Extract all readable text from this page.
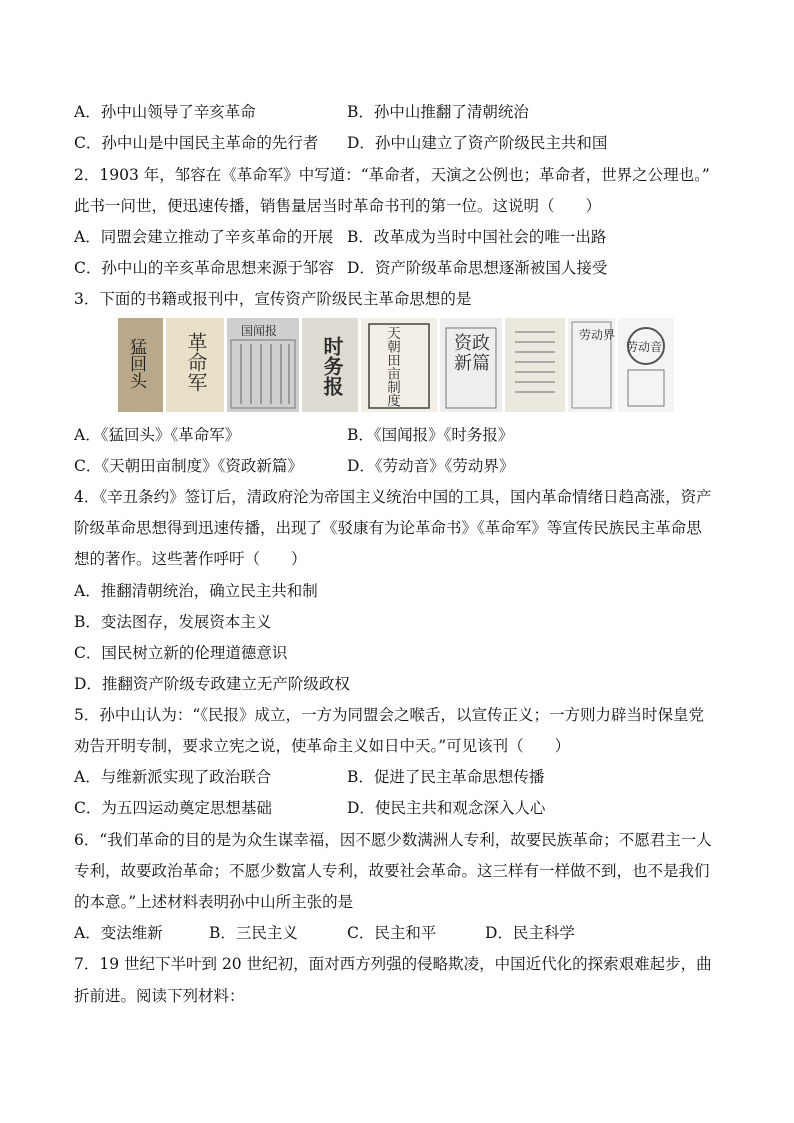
A．孙中山领导了辛亥革命	B．孙中山推翻了清朝统治
C．孙中山是中国民主革命的先行者 D．孙中山建立了资产阶级民主共和国
2．1903 年，邹容在《革命军》中写道：“革命者，天演之公例也；革命者，世界之公理也。”
此书一问世，便迅速传播，销售量居当时革命书刊的第一位。这说明（　　）
A．同盟会建立推动了辛亥革命的开展 B．改革成为当时中国社会的唯一出路
C．孙中山的辛亥革命思想来源于邹容 D．资产阶级革命思想逐渐被国人接受
3．下面的书籍或报刊中，宣传资产阶级民主革命思想的是
猛回头 革命军
国闻报
时务报	天朝田亩制度	资政新篇
劳动界
劳动音
A．《猛回头》《革命军》	B．《国闻报》《时务报》
C．《天朝田亩制度》《资政新篇》	D．《劳动音》《劳动界》
4．《辛丑条约》签订后，清政府沦为帝国主义统治中国的工具，国内革命情绪日趋高涨，资产
阶级革命思想得到迅速传播，出现了《驳康有为论革命书》《革命军》等宣传民族民主革命思
想的著作。这些著作呼吁（　　）
A．推翻清朝统治，确立民主共和制
B．变法图存，发展资本主义
C．国民树立新的伦理道德意识
D．推翻资产阶级专政建立无产阶级政权
5．孙中山认为：“《民报》成立，一方为同盟会之喉舌，以宣传正义；一方则力辟当时保皇党
劝告开明专制，要求立宪之说，使革命主义如日中天。”可见该刊（　　）
A．与维新派实现了政治联合	B．促进了民主革命思想传播
C．为五四运动奠定思想基础	D．使民主共和观念深入人心
6．“我们革命的目的是为众生谋幸福，因不愿少数满洲人专利，故要民族革命；不愿君主一人
专利，故要政治革命；不愿少数富人专利，故要社会革命。这三样有一样做不到，也不是我们
的本意。”上述材料表明孙中山所主张的是
A．变法维新	B．三民主义	C．民主和平	D．民主科学
7．19 世纪下半叶到 20 世纪初，面对西方列强的侵略欺凌，中国近代化的探索艰难起步，曲
折前进。阅读下列材料：
